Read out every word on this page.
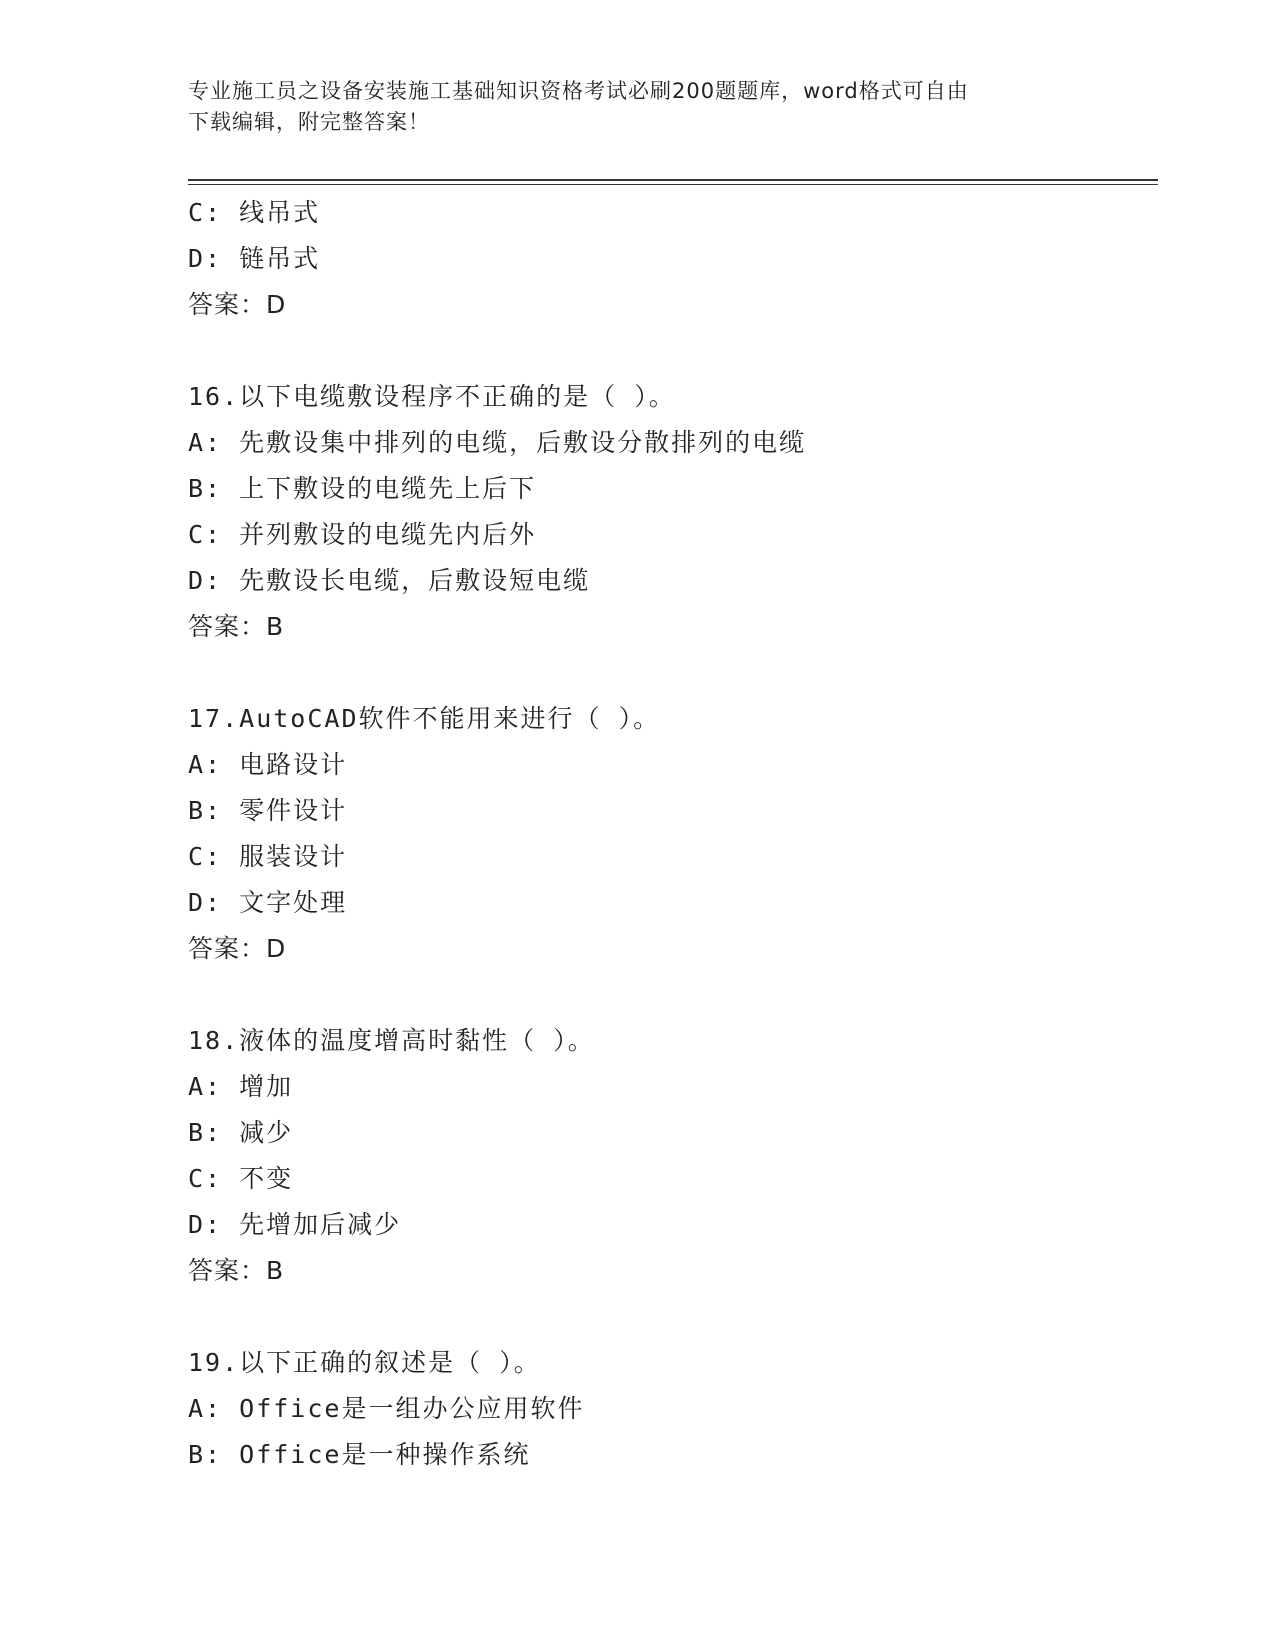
专业施工员之设备安装施工基础知识资格考试必刷200题题库，word格式可自由
下载编辑，附完整答案！
C: 线吊式
D: 链吊式
答案：D
16.以下电缆敷设程序不正确的是（ ）。
A: 先敷设集中排列的电缆，后敷设分散排列的电缆
B: 上下敷设的电缆先上后下
C: 并列敷设的电缆先内后外
D: 先敷设长电缆，后敷设短电缆
答案：B
17.AutoCAD软件不能用来进行（ ）。
A: 电路设计
B: 零件设计
C: 服装设计
D: 文字处理
答案：D
18.液体的温度增高时黏性（ ）。
A: 增加
B: 减少
C: 不变
D: 先增加后减少
答案：B
19.以下正确的叙述是（ ）。
A: Office是一组办公应用软件
B: Office是一种操作系统
